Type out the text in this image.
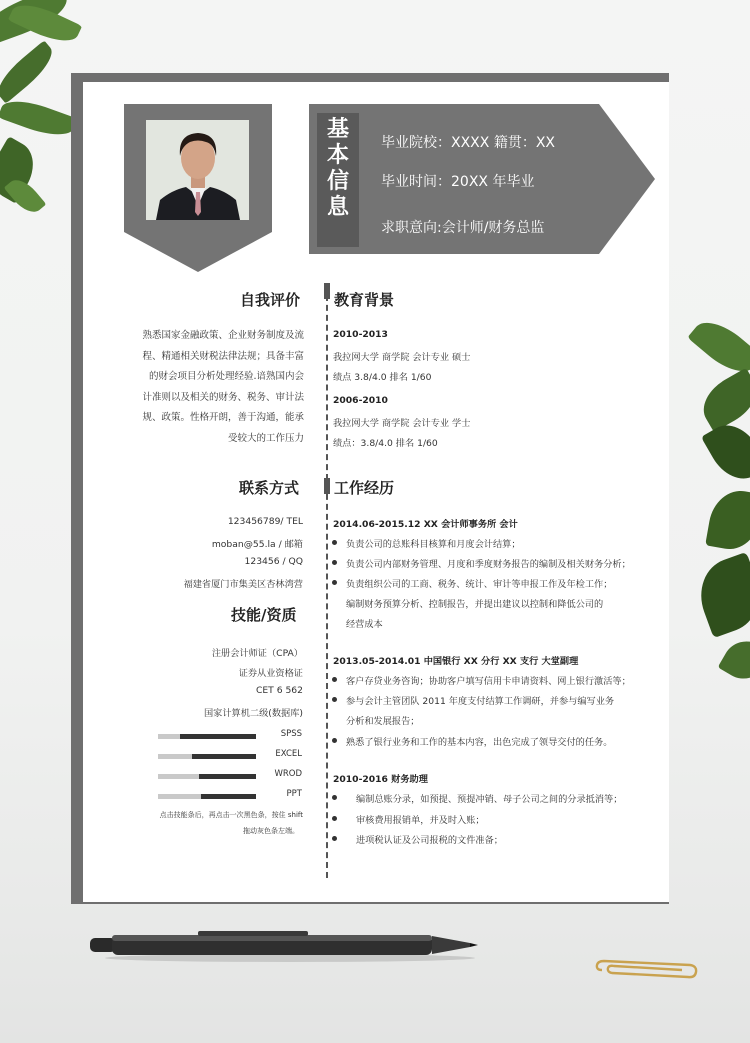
基
本
信
息
毕业院校：XXXX 籍贯：XX
毕业时间：20XX 年毕业
求职意向:会计师/财务总监
自我评价
熟悉国家金融政策、企业财务制度及流
程、精通相关财税法律法规；具备丰富
的财会项目分析处理经验.谙熟国内会
计准则以及相关的财务、税务、审计法
规、政策。性格开朗，善于沟通，能承
受较大的工作压力
联系方式
123456789/ TEL
moban@55.la / 邮箱
123456 / QQ
福建省厦门市集美区杏林湾营
技能/资质
注册会计师证（CPA）
证券从业资格证
CET 6 562
国家计算机二级(数据库)
SPSS
EXCEL
WROD
PPT
点击技能条后，再点击一次黑色条，按住 shift
拖动灰色条左端。
教育背景
2010-2013
我拉网大学 商学院 会计专业 硕士
绩点 3.8/4.0 排名 1/60
2006-2010
我拉网大学 商学院 会计专业 学士
绩点：3.8/4.0 排名 1/60
工作经历
2014.06-2015.12 XX 会计师事务所 会计
负责公司的总账科目核算和月度会计结算；
负责公司内部财务管理、月度和季度财务报告的编制及相关财务分析；
负责组织公司的工商、税务、统计、审计等申报工作及年检工作；
编制财务预算分析、控制报告，并提出建议以控制和降低公司的
经营成本
2013.05-2014.01 中国银行 XX 分行 XX 支行 大堂副理
客户存贷业务咨询；协助客户填写信用卡申请资料、网上银行激活等；
参与会计主管团队 2011 年度支付结算工作调研，并参与编写业务
分析和发展报告；
熟悉了银行业务和工作的基本内容，出色完成了领导交付的任务。
2010-2016 财务助理
编制总账分录，如预提、预提冲销、母子公司之间的分录抵消等；
审核费用报销单，并及时入账；
进项税认证及公司报税的文件准备；
